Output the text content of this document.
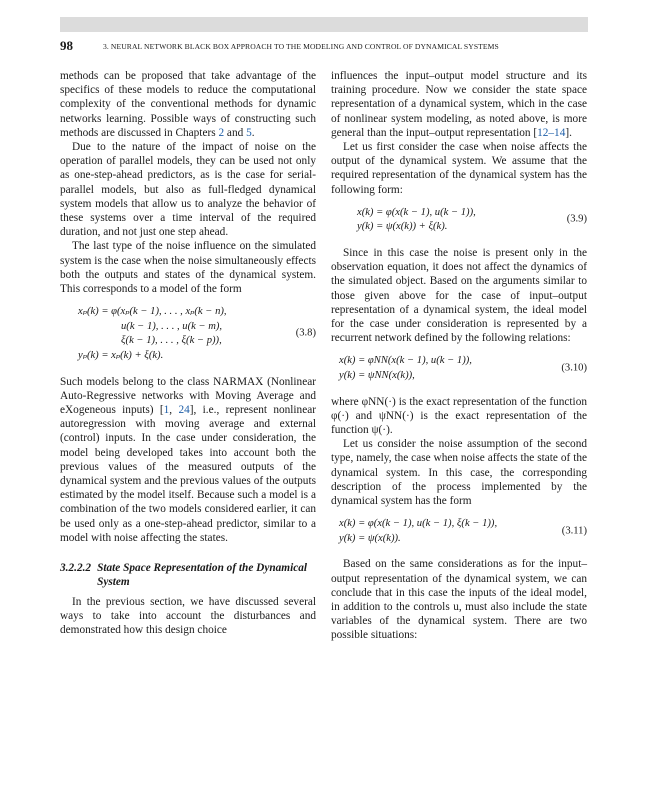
98	3. NEURAL NETWORK BLACK BOX APPROACH TO THE MODELING AND CONTROL OF DYNAMICAL SYSTEMS

methods can be proposed that take advantage of the specifics of these models to reduce the computational complexity of the conventional methods for dynamic networks learning. Possible ways of constructing such methods are discussed in Chapters 2 and 5.

Due to the nature of the impact of noise on the operation of parallel models, they can be used not only as one-step-ahead predictors, as is the case for serial-parallel models, but also as full-fledged dynamical system models that allow us to analyze the behavior of these systems over a time interval of the required duration, and not just one step ahead.

The last type of the noise influence on the simulated system is the case when the noise simultaneously effects both the outputs and states of the dynamical system. This corresponds to a model of the form

xₚ(k) = φ(xₚ(k − 1), . . . , xₚ(k − n),
u(k − 1), . . . , u(k − m),
ξ(k − 1), . . . , ξ(k − p)),
yₚ(k) = xₚ(k) + ξ(k).
(3.8)

Such models belong to the class NARMAX (Nonlinear Auto-Regressive networks with Moving Average and eXogeneous inputs) [1, 24], i.e., represent nonlinear autoregression with moving average and external (control) inputs. In the case under consideration, the model being developed takes into account both the previous values of the measured outputs of the dynamical system and the previous values of the outputs estimated by the model itself. Because such a model is a combination of the two models considered earlier, it can be used only as a one-step-ahead predictor, similar to a model with noise affecting the states.

3.2.2.2 State Space Representation of the Dynamical System

In the previous section, we have discussed several ways to take into account the disturbances and demonstrated how this design choice

influences the input–output model structure and its training procedure. Now we consider the state space representation of a dynamical system, which in the case of nonlinear system modeling, as noted above, is more general than the input–output representation [12–14].

Let us first consider the case when noise affects the output of the dynamical system. We assume that the required representation of the dynamical system has the following form:

x(k) = φ(x(k − 1), u(k − 1)),
y(k) = ψ(x(k)) + ξ(k).
(3.9)

Since in this case the noise is present only in the observation equation, it does not affect the dynamics of the simulated object. Based on the arguments similar to those given above for the case of input–output representation of a dynamical system, the ideal model for the case under consideration is represented by a recurrent network defined by the following relations:

x(k) = φNN(x(k − 1), u(k − 1)),
y(k) = ψNN(x(k)),
(3.10)

where φNN(·) is the exact representation of the function φ(·) and ψNN(·) is the exact representation of the function ψ(·).

Let us consider the noise assumption of the second type, namely, the case when noise affects the state of the dynamical system. In this case, the corresponding description of the process implemented by the dynamical system has the form

x(k) = φ(x(k − 1), u(k − 1), ξ(k − 1)),
y(k) = ψ(x(k)).
(3.11)

Based on the same considerations as for the input–output representation of the dynamical system, we can conclude that in this case the inputs of the ideal model, in addition to the controls u, must also include the state variables of the dynamical system. There are two possible situations:
